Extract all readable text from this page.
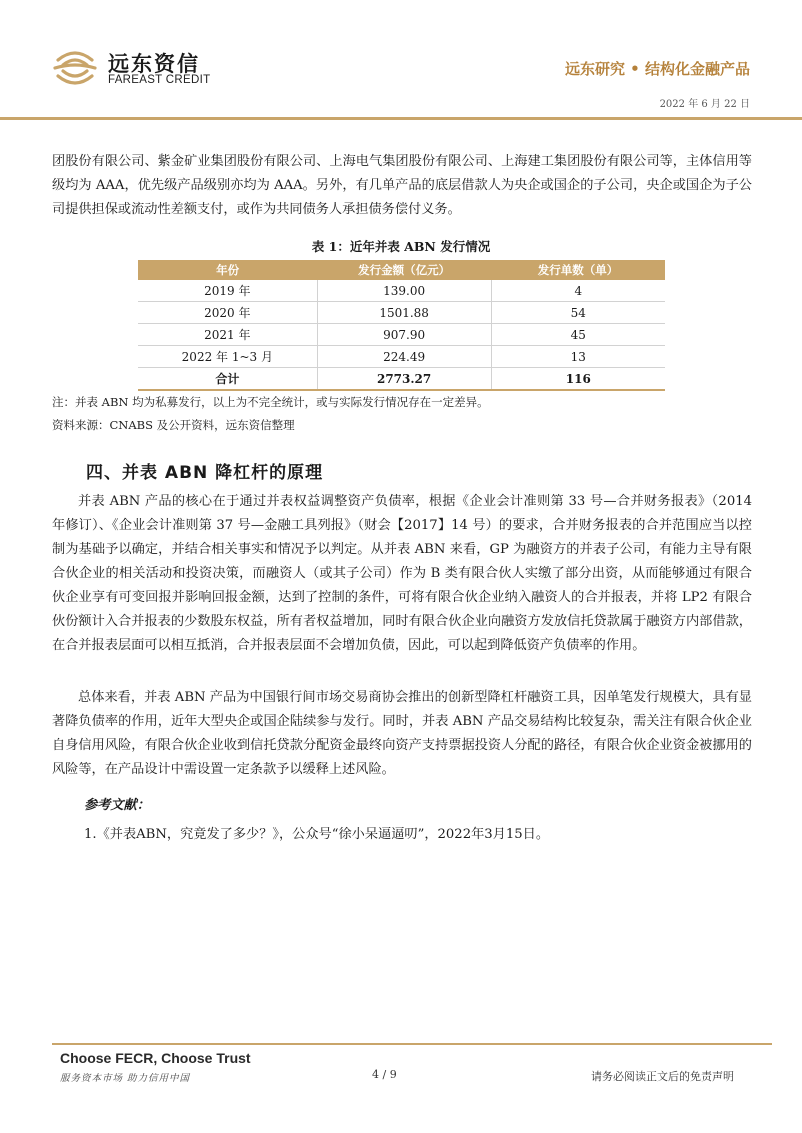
远东资信
FAREAST CREDIT
远东研究 • 结构化金融产品
2022 年 6 月 22 日

团股份有限公司、紫金矿业集团股份有限公司、上海电气集团股份有限公司、上海建工集团股份有限公司等，主体信用等级均为 AAA，优先级产品级别亦均为 AAA。另外，有几单产品的底层借款人为央企或国企的子公司，央企或国企为子公司提供担保或流动性差额支付，或作为共同债务人承担债务偿付义务。

表 1：近年并表 ABN 发行情况
年份	发行金额（亿元）	发行单数（单）
2019 年	139.00	4
2020 年	1501.88	54
2021 年	907.90	45
2022 年 1~3 月	224.49	13
合计	2773.27	116
注：并表 ABN 均为私募发行，以上为不完全统计，或与实际发行情况存在一定差异。
资料来源：CNABS 及公开资料，远东资信整理
四、并表 ABN 降杠杆的原理

并表 ABN 产品的核心在于通过并表权益调整资产负债率，根据《企业会计准则第 33 号—合并财务报表》（2014 年修订）、《企业会计准则第 37 号—金融工具列报》（财会【2017】14 号）的要求，合并财务报表的合并范围应当以控制为基础予以确定，并结合相关事实和情况予以判定。从并表 ABN 来看，GP 为融资方的并表子公司，有能力主导有限合伙企业的相关活动和投资决策，而融资人（或其子公司）作为 B 类有限合伙人实缴了部分出资，从而能够通过有限合伙企业享有可变回报并影响回报金额，达到了控制的条件，可将有限合伙企业纳入融资人的合并报表，并将 LP2 有限合伙份额计入合并报表的少数股东权益，所有者权益增加，同时有限合伙企业向融资方发放信托贷款属于融资方内部借款，在合并报表层面可以相互抵消，合并报表层面不会增加负债，因此，可以起到降低资产负债率的作用。

总体来看，并表 ABN 产品为中国银行间市场交易商协会推出的创新型降杠杆融资工具，因单笔发行规模大，具有显著降负债率的作用，近年大型央企或国企陆续参与发行。同时，并表 ABN 产品交易结构比较复杂，需关注有限合伙企业自身信用风险，有限合伙企业收到信托贷款分配资金最终向资产支持票据投资人分配的路径，有限合伙企业资金被挪用的风险等，在产品设计中需设置一定条款予以缓释上述风险。

参考文献：
1.《并表ABN，究竟发了多少？》，公众号“徐小呆逼逼叨”，2022年3月15日。
Choose FECR, Choose Trust
服务资本市场 助力信用中国	4 / 9	请务必阅读正文后的免责声明
